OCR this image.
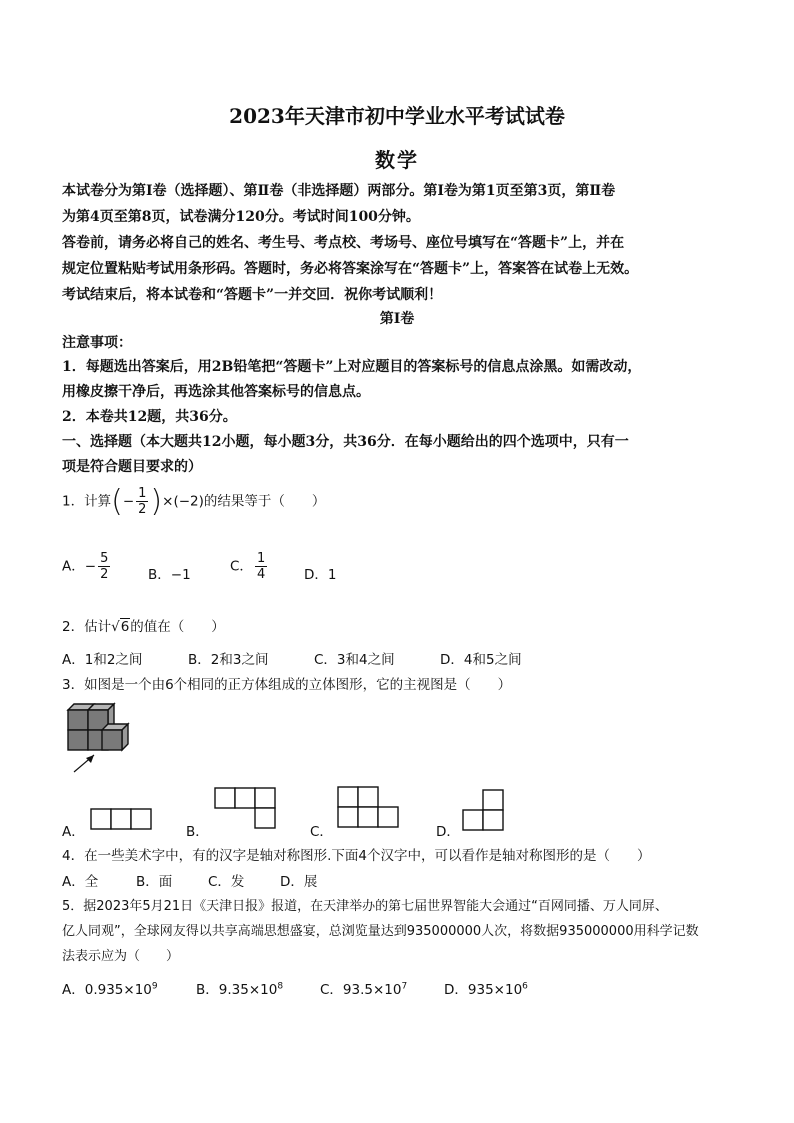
2023年天津市初中学业水平考试试卷
数学
本试卷分为第Ⅰ卷（选择题）、第Ⅱ卷（非选择题）两部分。第Ⅰ卷为第1页至第3页，第Ⅱ卷
为第4页至第8页，试卷满分120分。考试时间100分钟。
答卷前，请务必将自己的姓名、考生号、考点校、考场号、座位号填写在“答题卡”上，并在
规定位置粘贴考试用条形码。答题时，务必将答案涂写在“答题卡”上，答案答在试卷上无效。
考试结束后，将本试卷和“答题卡”一并交回．祝你考试顺利！
第Ⅰ卷
注意事项：
1．每题选出答案后，用2B铅笔把“答题卡”上对应题目的答案标号的信息点涂黑。如需改动，
用橡皮擦干净后，再选涂其他答案标号的信息点。
2．本卷共12题，共36分。
一、选择题（本大题共12小题，每小题3分，共36分．在每小题给出的四个选项中，只有一
项是符合题目要求的）
1．计算(− $\frac{1}{2} )\times(-2)$的结果等于（　　）
A．− $\frac{5}{2}$	B．−1
C． $\frac{1}{4}$	D．1
2．估计√6的值在（　　）
A．1和2之间	B．2和3之间	C．3和4之间	D．4和5之间
3．如图是一个由6个相同的正方体组成的立体图形，它的主视图是（　　）
A．	B．	C．	D．
4．在一些美术字中，有的汉字是轴对称图形.下面4个汉字中，可以看作是轴对称图形的是（　　）
A．全	B．面	C．发	D．展
5．据2023年5月21日《天津日报》报道，在天津举办的第七届世界智能大会通过“百网同播、万人同屏、
亿人同观”，全球网友得以共享高端思想盛宴，总浏览量达到935000000人次，将数据935000000用科学记数
法表示应为（　　）
A．$0.935\times 10^9$	B．$9.35\times 10^8$	C．$93.5\times 10^7$	D．$935\times 10^6$
